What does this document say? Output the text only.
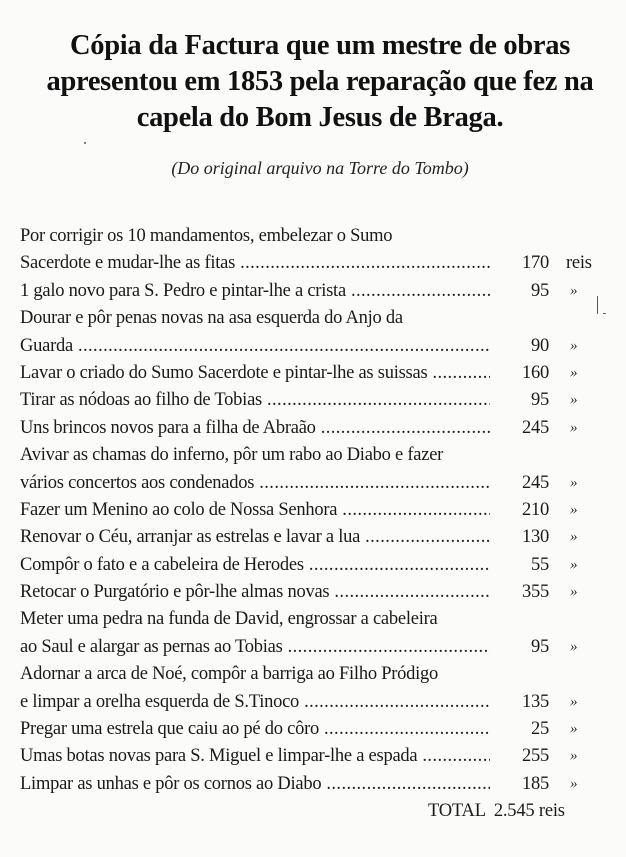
Cópia da Factura que um mestre de obras
apresentou em 1853 pela reparação que fez na
capela do Bom Jesus de Braga.
(Do original arquivo na Torre do Tombo)
Por corrigir os 10 mandamentos, embelezar o Sumo
Sacerdote e mudar-lhe as fitas .....	170 reis
1 galo novo para S. Pedro e pintar-lhe a crista .....	95 »
Dourar e pôr penas novas na asa esquerda do Anjo da
Guarda .....	90 »
Lavar o criado do Sumo Sacerdote e pintar-lhe as suissas .....	160 »
Tirar as nódoas ao filho de Tobias .....	95 »
Uns brincos novos para a filha de Abraão .....	245 »
Avivar as chamas do inferno, pôr um rabo ao Diabo e fazer
vários concertos aos condenados .....	245 »
Fazer um Menino ao colo de Nossa Senhora .....	210 »
Renovar o Céu, arranjar as estrelas e lavar a lua .....	130 »
Compôr o fato e a cabeleira de Herodes .....	55 »
Retocar o Purgatório e pôr-lhe almas novas .....	355 »
Meter uma pedra na funda de David, engrossar a cabeleira
ao Saul e alargar as pernas ao Tobias .....	95 »
Adornar a arca de Noé, compôr a barriga ao Filho Pródigo
e limpar a orelha esquerda de S.Tinoco .....	135 »
Pregar uma estrela que caiu ao pé do côro .....	25 »
Umas botas novas para S. Miguel e limpar-lhe a espada .....	255 »
Limpar as unhas e pôr os cornos ao Diabo .....	185 »
TOTAL 2.545 reis
